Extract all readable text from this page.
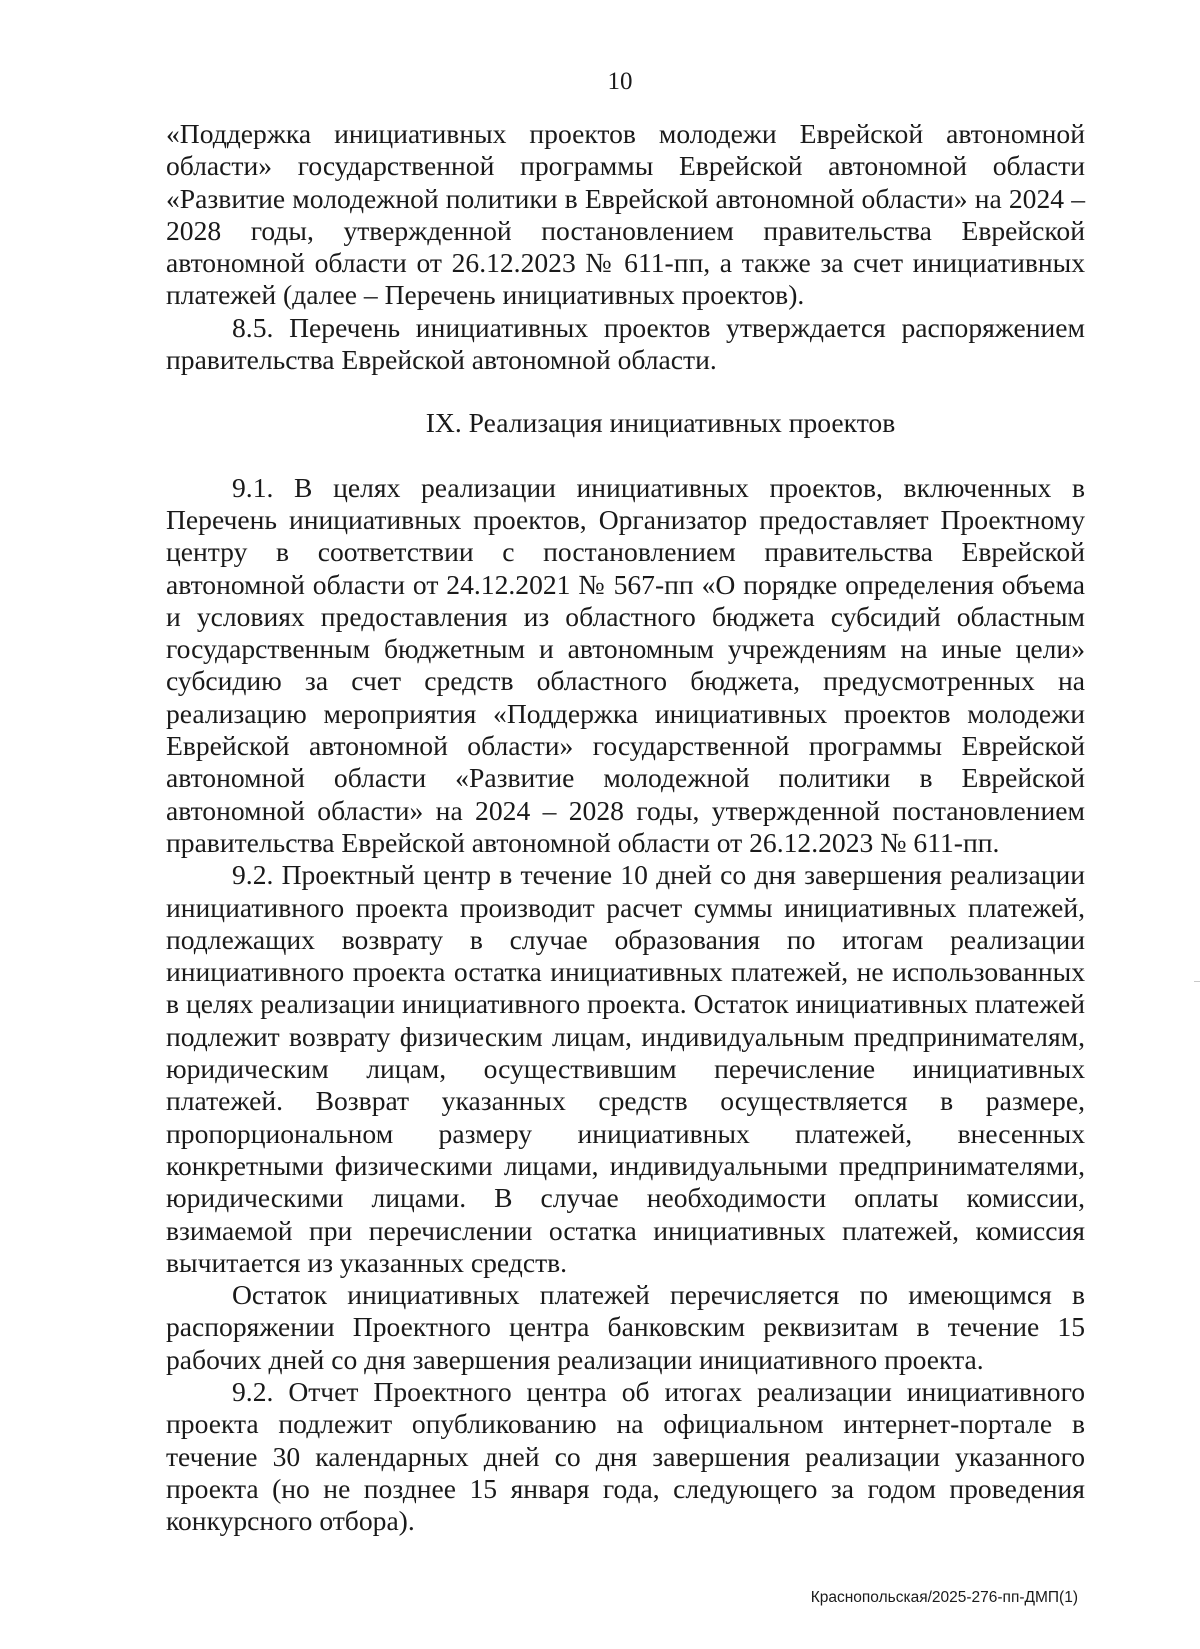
10

«Поддержка инициативных проектов молодежи Еврейской автономной области» государственной программы Еврейской автономной области «Развитие молодежной политики в Еврейской автономной области» на 2024 – 2028 годы, утвержденной постановлением правительства Еврейской автономной области от 26.12.2023 № 611-пп, а также за счет инициативных платежей (далее – Перечень инициативных проектов).

8.5. Перечень инициативных проектов утверждается распоряжением правительства Еврейской автономной области.

IX. Реализация инициативных проектов

9.1. В целях реализации инициативных проектов, включенных в Перечень инициативных проектов, Организатор предоставляет Проектному центру в соответствии с постановлением правительства Еврейской автономной области от 24.12.2021 № 567-пп «О порядке определения объема и условиях предоставления из областного бюджета субсидий областным государственным бюджетным и автономным учреждениям на иные цели» субсидию за счет средств областного бюджета, предусмотренных на реализацию мероприятия «Поддержка инициативных проектов молодежи Еврейской автономной области» государственной программы Еврейской автономной области «Развитие молодежной политики в Еврейской автономной области» на 2024 – 2028 годы, утвержденной постановлением правительства Еврейской автономной области от 26.12.2023 № 611-пп.

9.2. Проектный центр в течение 10 дней со дня завершения реализации инициативного проекта производит расчет суммы инициативных платежей, подлежащих возврату в случае образования по итогам реализации инициативного проекта остатка инициативных платежей, не использованных в целях реализации инициативного проекта. Остаток инициативных платежей подлежит возврату физическим лицам, индивидуальным предпринимателям, юридическим лицам, осуществившим перечисление инициативных платежей. Возврат указанных средств осуществляется в размере, пропорциональном размеру инициативных платежей, внесенных конкретными физическими лицами, индивидуальными предпринимателями, юридическими лицами. В случае необходимости оплаты комиссии, взимаемой при перечислении остатка инициативных платежей, комиссия вычитается из указанных средств.

Остаток инициативных платежей перечисляется по имеющимся в распоряжении Проектного центра банковским реквизитам в течение 15 рабочих дней со дня завершения реализации инициативного проекта.

9.2. Отчет Проектного центра об итогах реализации инициативного проекта подлежит опубликованию на официальном интернет-портале в течение 30 календарных дней со дня завершения реализации указанного проекта (но не позднее 15 января года, следующего за годом проведения конкурсного отбора).

Краснопольская/2025-276-пп-ДМП(1)
